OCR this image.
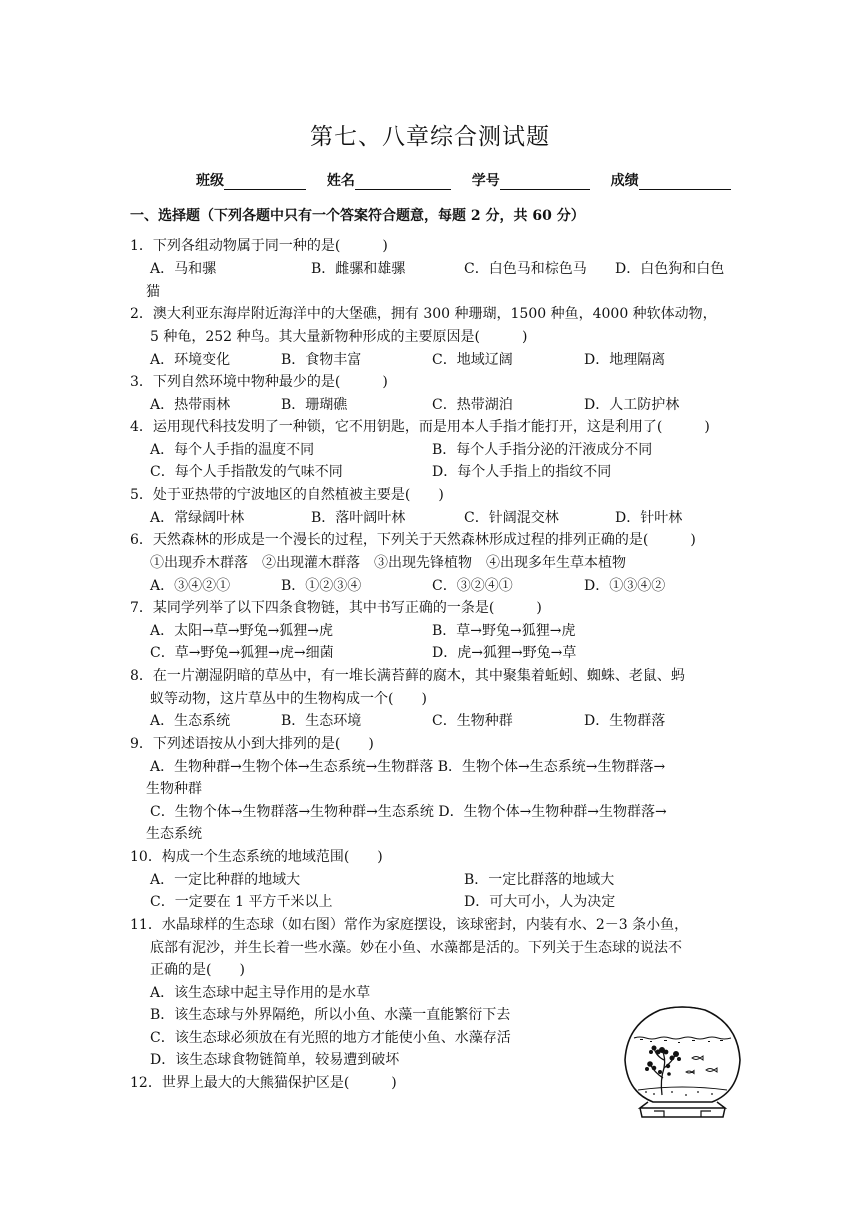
第七、八章综合测试题
班级	姓名	学号	成绩
一、选择题（下列各题中只有一个答案符合题意，每题 2 分，共 60 分）
1．下列各组动物属于同一种的是(　　　)
A．马和骡	B．雌骡和雄骡	C．白色马和棕色马 D．白色狗和白色
猫
2．澳大利亚东海岸附近海洋中的大堡礁，拥有 300 种珊瑚，1500 种鱼，4000 种软体动物，
5 种龟，252 种鸟。其大量新物种形成的主要原因是(　　　)
A．环境变化	B．食物丰富	C．地域辽阔	D．地理隔离
3．下列自然环境中物种最少的是(　　　)
A．热带雨林	B．珊瑚礁	C．热带湖泊	D．人工防护林
4．运用现代科技发明了一种锁，它不用钥匙，而是用本人手指才能打开，这是利用了(　　　)
A．每个人手指的温度不同	B．每个人手指分泌的汗液成分不同
C．每个人手指散发的气味不同	D．每个人手指上的指纹不同
5．处于亚热带的宁波地区的自然植被主要是(　　)
A．常绿阔叶林	B．落叶阔叶林	C．针阔混交林	D．针叶林
6．天然森林的形成是一个漫长的过程，下列关于天然森林形成过程的排列正确的是(　　　)
①出现乔木群落　②出现灌木群落　③出现先锋植物　④出现多年生草本植物
A．③④②①	B．①②③④	C．③②④①	D．①③④②
7．某同学列举了以下四条食物链，其中书写正确的一条是(　　　)
A．太阳→草→野兔→狐狸→虎	B．草→野兔→狐狸→虎
C．草→野兔→狐狸→虎→细菌	D．虎→狐狸→野兔→草
8．在一片潮湿阴暗的草丛中，有一堆长满苔藓的腐木，其中聚集着蚯蚓、蜘蛛、老鼠、蚂
蚁等动物，这片草丛中的生物构成一个(　　)
A．生态系统	B．生态环境	C．生物种群	D．生物群落
9．下列述语按从小到大排列的是(　　)
A．生物种群→生物个体→生态系统→生物群落 B．生物个体→生态系统→生物群落→
生物种群
C．生物个体→生物群落→生物种群→生态系统 D．生物个体→生物种群→生物群落→
生态系统
10．构成一个生态系统的地域范围(　　)
A．一定比种群的地域大	B．一定比群落的地域大
C．一定要在 1 平方千米以上	D．可大可小，人为决定
11．水晶球样的生态球（如右图）常作为家庭摆设，该球密封，内装有水、2－3 条小鱼，
底部有泥沙，并生长着一些水藻。妙在小鱼、水藻都是活的。下列关于生态球的说法不
正确的是(　　)
A．该生态球中起主导作用的是水草
B．该生态球与外界隔绝，所以小鱼、水藻一直能繁衍下去
C．该生态球必须放在有光照的地方才能使小鱼、水藻存活
D．该生态球食物链简单，较易遭到破坏
12．世界上最大的大熊猫保护区是(　　　)
